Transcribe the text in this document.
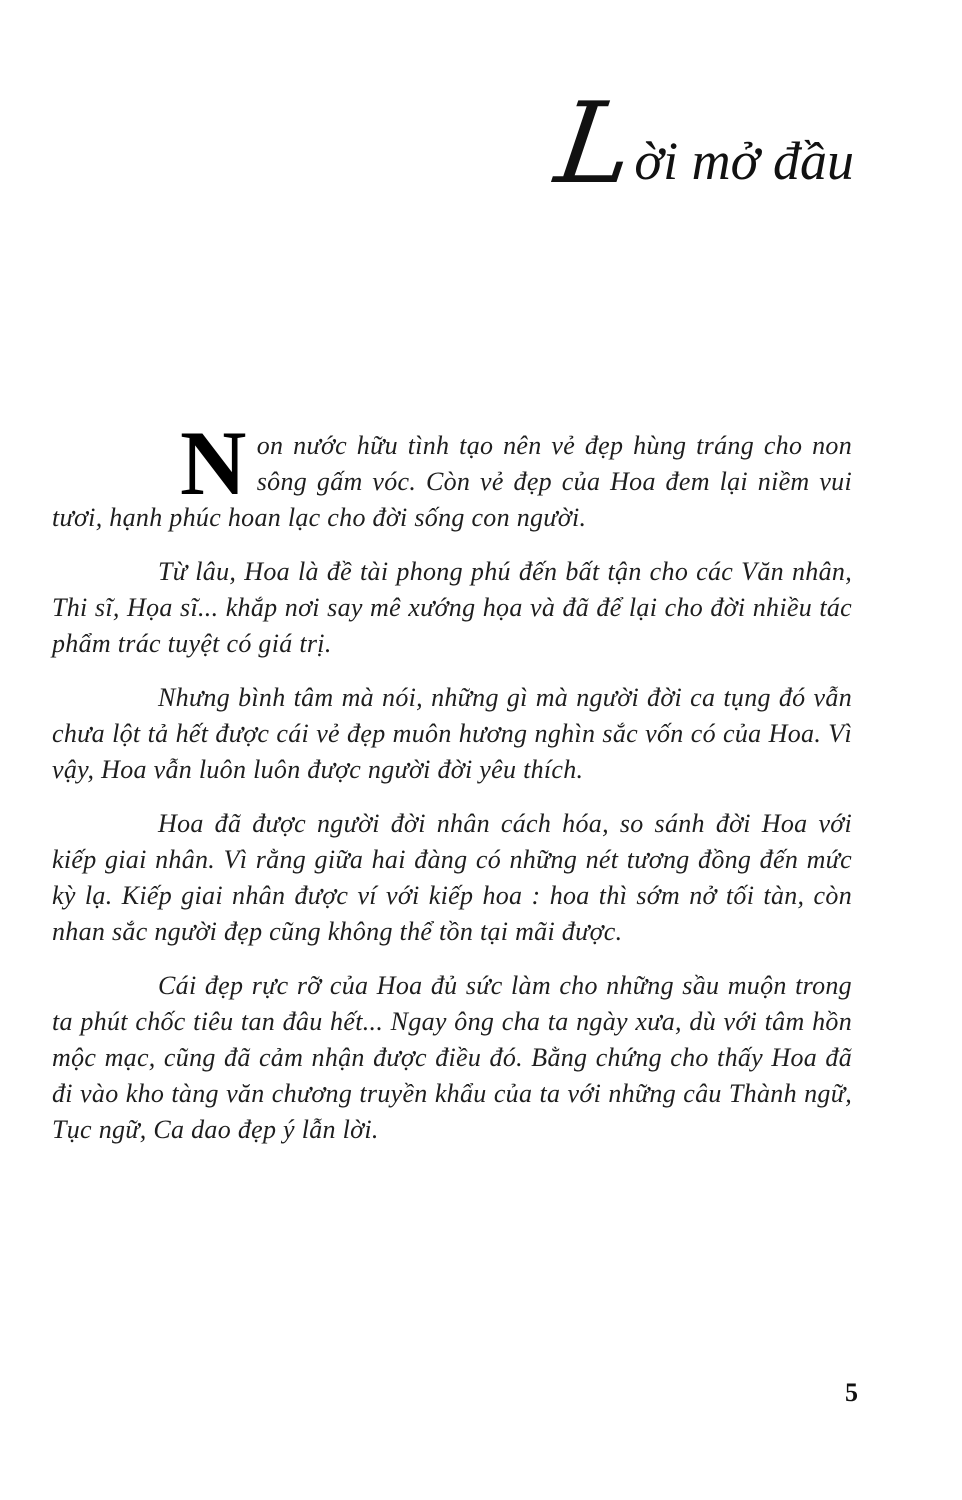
L
ời mở đầu

N on nước hữu tình tạo nên vẻ đẹp hùng tráng cho non sông gấm vóc. Còn vẻ đẹp của Hoa đem lại niềm vui tươi, hạnh phúc hoan lạc cho đời sống con người.

Từ lâu, Hoa là đề tài phong phú đến bất tận cho các Văn nhân, Thi sĩ, Họa sĩ... khắp nơi say mê xướng họa và đã để lại cho đời nhiều tác phẩm trác tuyệt có giá trị.

Nhưng bình tâm mà nói, những gì mà người đời ca tụng đó vẫn chưa lột tả hết được cái vẻ đẹp muôn hương nghìn sắc vốn có của Hoa. Vì vậy, Hoa vẫn luôn luôn được người đời yêu thích.

Hoa đã được người đời nhân cách hóa, so sánh đời Hoa với kiếp giai nhân. Vì rằng giữa hai đàng có những nét tương đồng đến mức kỳ lạ. Kiếp giai nhân được ví với kiếp hoa : hoa thì sớm nở tối tàn, còn nhan sắc người đẹp cũng không thể tồn tại mãi được.

Cái đẹp rực rỡ của Hoa đủ sức làm cho những sầu muộn trong ta phút chốc tiêu tan đâu hết... Ngay ông cha ta ngày xưa, dù với tâm hồn mộc mạc, cũng đã cảm nhận được điều đó. Bằng chứng cho thấy Hoa đã đi vào kho tàng văn chương truyền khẩu của ta với những câu Thành ngữ, Tục ngữ, Ca dao đẹp ý lẫn lời.

5
